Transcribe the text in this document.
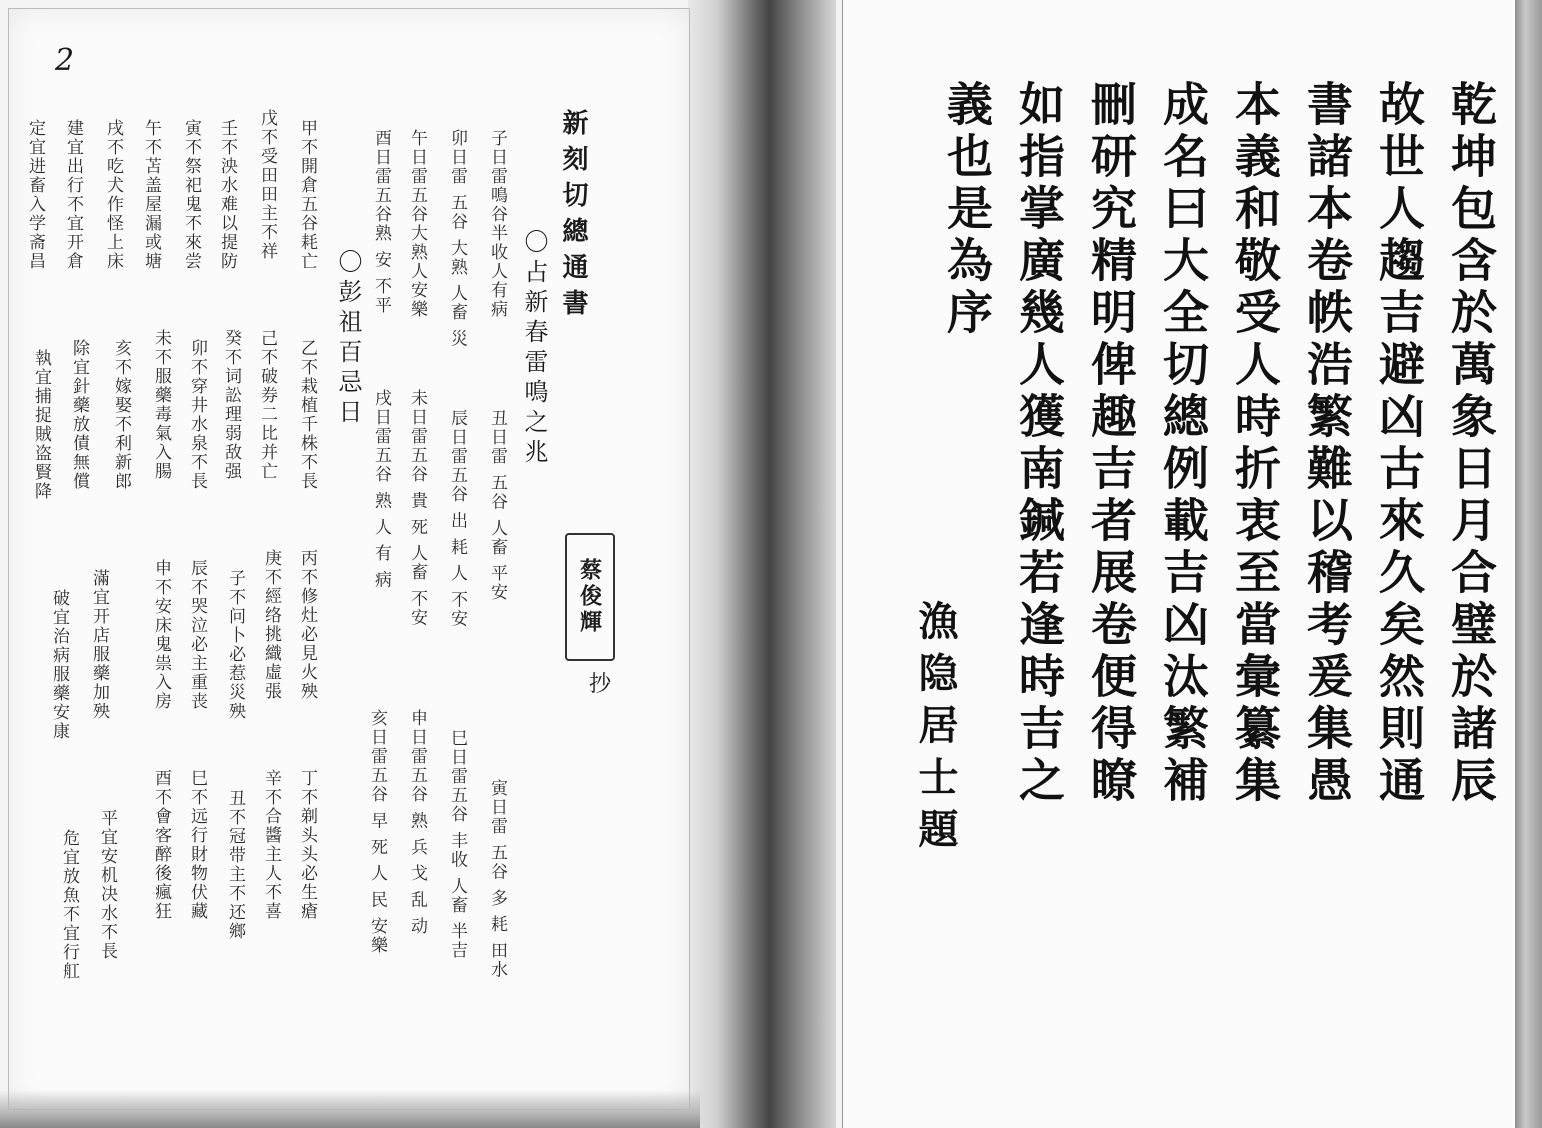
2
新刻切總通書
蔡俊輝
抄
〇占新春雷鳴之兆
子日雷鳴谷半收人有病
丑日雷 五谷 人畜 平安
寅日雷 五谷 多 耗 田水
卯日雷 五谷 大熟 人畜 災
辰日雷五谷 出 耗 人 不安
巳日雷五谷 丰收 人畜 半吉
午日雷五谷大熟人安樂
未日雷五谷 貴 死 人畜 不安
申日雷五谷 熟 兵 戈 乱 动
酉日雷五谷熟 安 不平
戌日雷五谷 熟 人 有 病
亥日雷五谷 早 死 人 民 安樂
〇彭祖百忌日
甲不開倉五谷耗亡
乙不栽植千株不長
丙不修灶必見火殃
丁不剃头头必生瘡
戊不受田田主不祥
己不破券二比并亡
庚不經络挑織虛張
辛不合醬主人不喜
壬不泱水难以提防
癸不词訟理弱敌强
子不问卜必惹災殃
丑不冠带主不还鄉
寅不祭祀鬼不來尝
卯不穿井水泉不長
辰不哭泣必主重丧
巳不远行財物伏藏
午不苫盖屋漏或塘
未不服藥毒氣入腸
申不安床鬼祟入房
酉不會客醉後瘋狂
戌不吃犬作怪上床
亥不嫁娶不利新郎
建宜出行不宜开倉
除宜針藥放債無償
滿宜开店服藥加殃
平宜安机决水不長
定宜进畜入学斋昌
執宜捕捉賊盗賢降
破宜治病服藥安康
危宜放魚不宜行舡
乾坤包含於萬象日月合璧於諸辰
故世人趨吉避凶古來久矣然則通
書諸本卷帙浩繁難以稽考爰集愚
本義和敬受人時折衷至當彙纂集
成名曰大全切總例載吉凶汰繁補
刪研究精明俾趣吉者展卷便得瞭
如指掌廣幾人獲南鍼若逢時吉之
義也是為序
漁隐居士題
